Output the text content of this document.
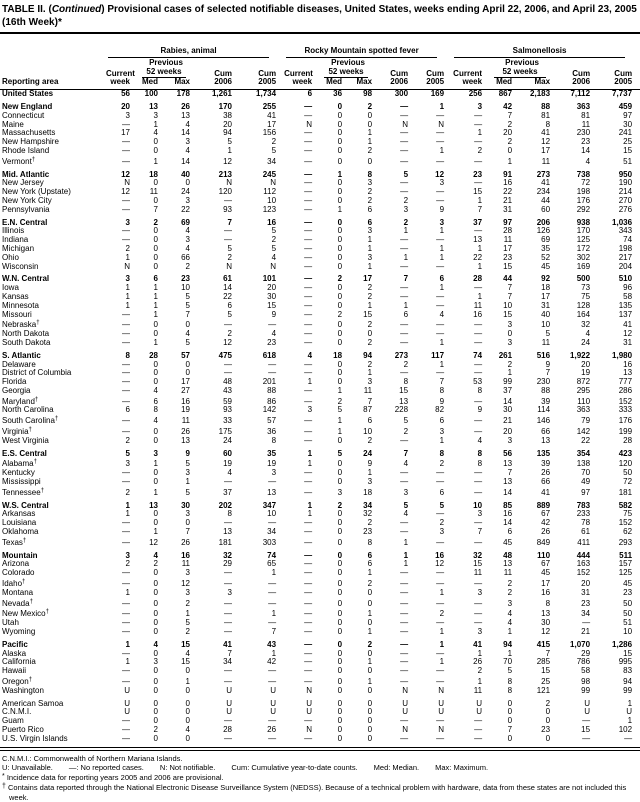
TABLE II. (Continued) Provisional cases of selected notifiable diseases, United States, weeks ending April 22, 2006, and April 23, 2005 (16th Week)*

	Rabies, animal					Rocky Mountain spotted fever					Salmonellosis				

		Previous					Previous					Previous			
	Current	52 weeks		Cum	Cum	Current	52 weeks		Cum	Cum	Current	52 weeks		Cum	Cum
Reporting area	week	Med	Max	2006	2005	week	Med	Max	2006	2005	week	Med	Max	2006	2005
United States	56	100	178	1,261	1,734	6	36	98	300	169	256	867	2,183	7,112	7,737
New England	20	13	26	170	255	—	0	2	—	1	3	42	88	363	459
Connecticut	3	3	13	38	41	—	0	0	—	—	—	7	81	81	97
Maine	—	1	4	20	17	N	0	0	N	N	—	2	8	11	30
Massachusetts	17	4	14	94	156	—	0	1	—	—	1	20	41	230	241
New Hampshire	—	0	3	5	2	—	0	1	—	—	—	2	12	23	25
Rhode Island	—	0	4	1	5	—	0	2	—	1	2	0	17	14	15
Vermont†	—	1	14	12	34	—	0	0	—	—	—	1	11	4	51
Mid. Atlantic	12	18	40	213	245	—	1	8	5	12	23	91	273	738	950
New Jersey	N	0	0	N	N	—	0	3	—	3	—	16	41	72	190
New York (Upstate)	12	11	24	120	112	—	0	2	—	—	15	22	234	198	214
New York City	—	0	3	—	10	—	0	2	2	—	1	21	44	176	270
Pennsylvania	—	7	22	93	123	—	1	6	3	9	7	31	60	292	276
E.N. Central	3	2	69	7	16	—	0	6	2	3	37	97	206	938	1,036
Illinois	—	0	4	—	5	—	0	3	1	1	—	28	126	170	343
Indiana	—	0	3	—	2	—	0	1	—	—	13	11	69	125	74
Michigan	2	0	4	5	5	—	0	1	—	1	1	17	35	172	198
Ohio	1	0	66	2	4	—	0	3	1	1	22	23	52	302	217
Wisconsin	N	0	2	N	N	—	0	1	—	—	1	15	45	169	204
W.N. Central	3	6	23	61	101	—	2	17	7	6	28	44	92	500	510
Iowa	1	1	10	14	20	—	0	2	—	1	—	7	18	73	96
Kansas	1	1	5	22	30	—	0	2	—	—	1	7	17	75	58
Minnesota	1	1	5	6	15	—	0	1	1	—	11	10	31	128	135
Missouri	—	1	7	5	9	—	2	15	6	4	16	15	40	164	137
Nebraska†	—	0	0	—	—	—	0	2	—	—	—	3	10	32	41
North Dakota	—	0	4	2	4	—	0	0	—	—	—	0	5	4	12
South Dakota	—	1	5	12	23	—	0	2	—	1	—	3	11	24	31
S. Atlantic	8	28	57	475	618	4	18	94	273	117	74	261	516	1,922	1,980
Delaware	—	0	0	—	—	—	0	2	2	1	—	2	9	20	16
District of Columbia	—	0	0	—	—	—	0	1	—	—	—	1	7	19	13
Florida	—	0	17	48	201	1	0	3	8	7	53	99	230	872	777
Georgia	—	4	27	43	88	—	1	11	15	8	8	37	88	295	286
Maryland†	—	6	16	59	86	—	2	7	13	9	—	14	39	110	152
North Carolina	6	8	19	93	142	3	5	87	228	82	9	30	114	363	333
South Carolina†	—	4	11	33	57	—	1	6	5	6	—	21	146	79	176
Virginia†	—	0	26	175	36	—	1	10	2	3	—	20	66	142	199
West Virginia	2	0	13	24	8	—	0	2	—	1	4	3	13	22	28
E.S. Central	5	3	9	60	35	1	5	24	7	8	8	56	135	354	423
Alabama†	3	1	5	19	19	1	0	9	4	2	8	13	39	138	120
Kentucky	—	0	3	4	3	—	0	1	—	—	—	7	26	70	50
Mississippi	—	0	1	—	—	—	0	3	—	—	—	13	66	49	72
Tennessee†	2	1	5	37	13	—	3	18	3	6	—	14	41	97	181
W.S. Central	1	13	30	202	347	1	2	34	5	5	10	85	889	783	582
Arkansas	1	0	3	8	10	1	0	32	4	—	3	16	67	233	75
Louisiana	—	0	0	—	—	—	0	2	—	2	—	14	42	78	152
Oklahoma	—	1	7	13	34	—	0	23	—	3	7	6	26	61	62
Texas†	—	12	26	181	303	—	0	8	1	—	—	45	849	411	293
Mountain	3	4	16	32	74	—	0	6	1	16	32	48	110	444	511
Arizona	2	2	11	29	65	—	0	6	1	12	15	13	67	163	157
Colorado	—	0	3	—	1	—	0	1	—	—	11	11	45	152	125
Idaho†	—	0	12	—	—	—	0	2	—	—	—	2	17	20	45
Montana	1	0	3	3	—	—	0	0	—	1	3	2	16	31	23
Nevada†	—	0	2	—	—	—	0	0	—	—	—	3	8	23	50
New Mexico†	—	0	1	—	1	—	0	1	—	2	—	4	13	34	50
Utah	—	0	5	—	—	—	0	0	—	—	—	4	30	—	51
Wyoming	—	0	2	—	7	—	0	1	—	1	3	1	12	21	10
Pacific	1	4	15	41	43	—	0	2	—	1	41	94	415	1,070	1,286
Alaska	—	0	4	7	1	—	0	0	—	—	1	1	7	29	15
California	1	3	15	34	42	—	0	1	—	1	26	70	285	786	995
Hawaii	—	0	0	—	—	—	0	0	—	—	2	5	15	58	83
Oregon†	—	0	1	—	—	—	0	1	—	—	1	8	25	98	94
Washington	U	0	0	U	U	N	0	0	N	N	11	8	121	99	99
American Samoa	U	0	0	U	U	U	0	0	U	U	U	0	2	U	1
C.N.M.I.	U	0	0	U	U	U	0	0	U	U	U	0	0	U	U
Guam	—	0	0	—	—	—	0	0	—	—	—	0	0	—	1
Puerto Rico	—	2	4	28	26	N	0	0	N	N	—	7	23	15	102
U.S. Virgin Islands	—	0	0	—	—	—	0	0	—	—	—	0	0	—	—
C.N.M.I.: Commonwealth of Northern Mariana Islands.
U: Unavailable. —: No reported cases. N: Not notifiable. Cum: Cumulative year-to-date counts. Med: Median. Max: Maximum.
* Incidence data for reporting years 2005 and 2006 are provisional.
† Contains data reported through the National Electronic Disease Surveillance System (NEDSS). Because of a technical problem with hardware, data from these states are not included this week.
